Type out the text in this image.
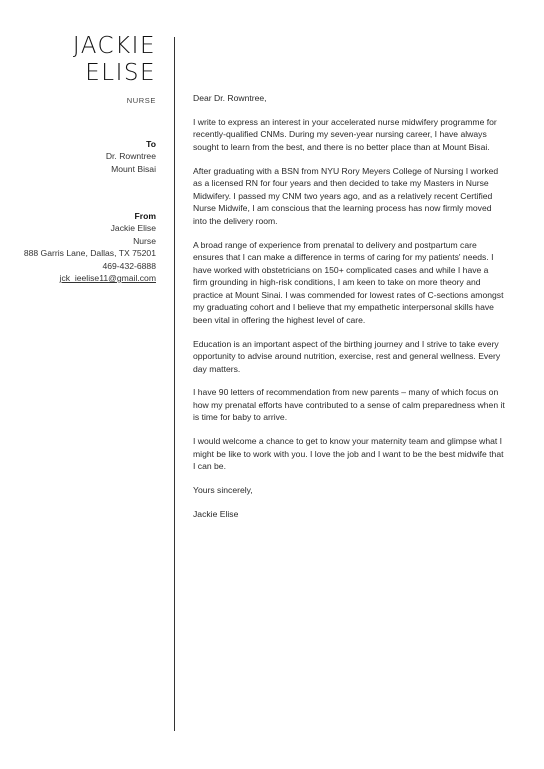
JACKIE
ELISE
NURSE
To
Dr. Rowntree
Mount Bisai
From
Jackie Elise
Nurse
888 Garris Lane, Dallas, TX 75201
469-432-6888
jck_ieelise11@gmail.com

Dear Dr. Rowntree,

I write to express an interest in your accelerated nurse midwifery programme for recently-qualified CNMs. During my seven-year nursing career, I have always sought to learn from the best, and there is no better place than at Mount Bisai.

After graduating with a BSN from NYU Rory Meyers College of Nursing I worked as a licensed RN for four years and then decided to take my Masters in Nurse Midwifery. I passed my CNM two years ago, and as a relatively recent Certified Nurse Midwife, I am conscious that the learning process has now firmly moved into the delivery room.

A broad range of experience from prenatal to delivery and postpartum care ensures that I can make a difference in terms of caring for my patients' needs. I have worked with obstetricians on 150+ complicated cases and while I have a firm grounding in high-risk conditions, I am keen to take on more theory and practice at Mount Sinai. I was commended for lowest rates of C-sections amongst my graduating cohort and I believe that my empathetic interpersonal skills have been vital in offering the highest level of care.

Education is an important aspect of the birthing journey and I strive to take every opportunity to advise around nutrition, exercise, rest and general wellness. Every day matters.

I have 90 letters of recommendation from new parents – many of which focus on how my prenatal efforts have contributed to a sense of calm preparedness when it is time for baby to arrive.

I would welcome a chance to get to know your maternity team and glimpse what I might be like to work with you. I love the job and I want to be the best midwife that I can be.

Yours sincerely,

Jackie Elise
